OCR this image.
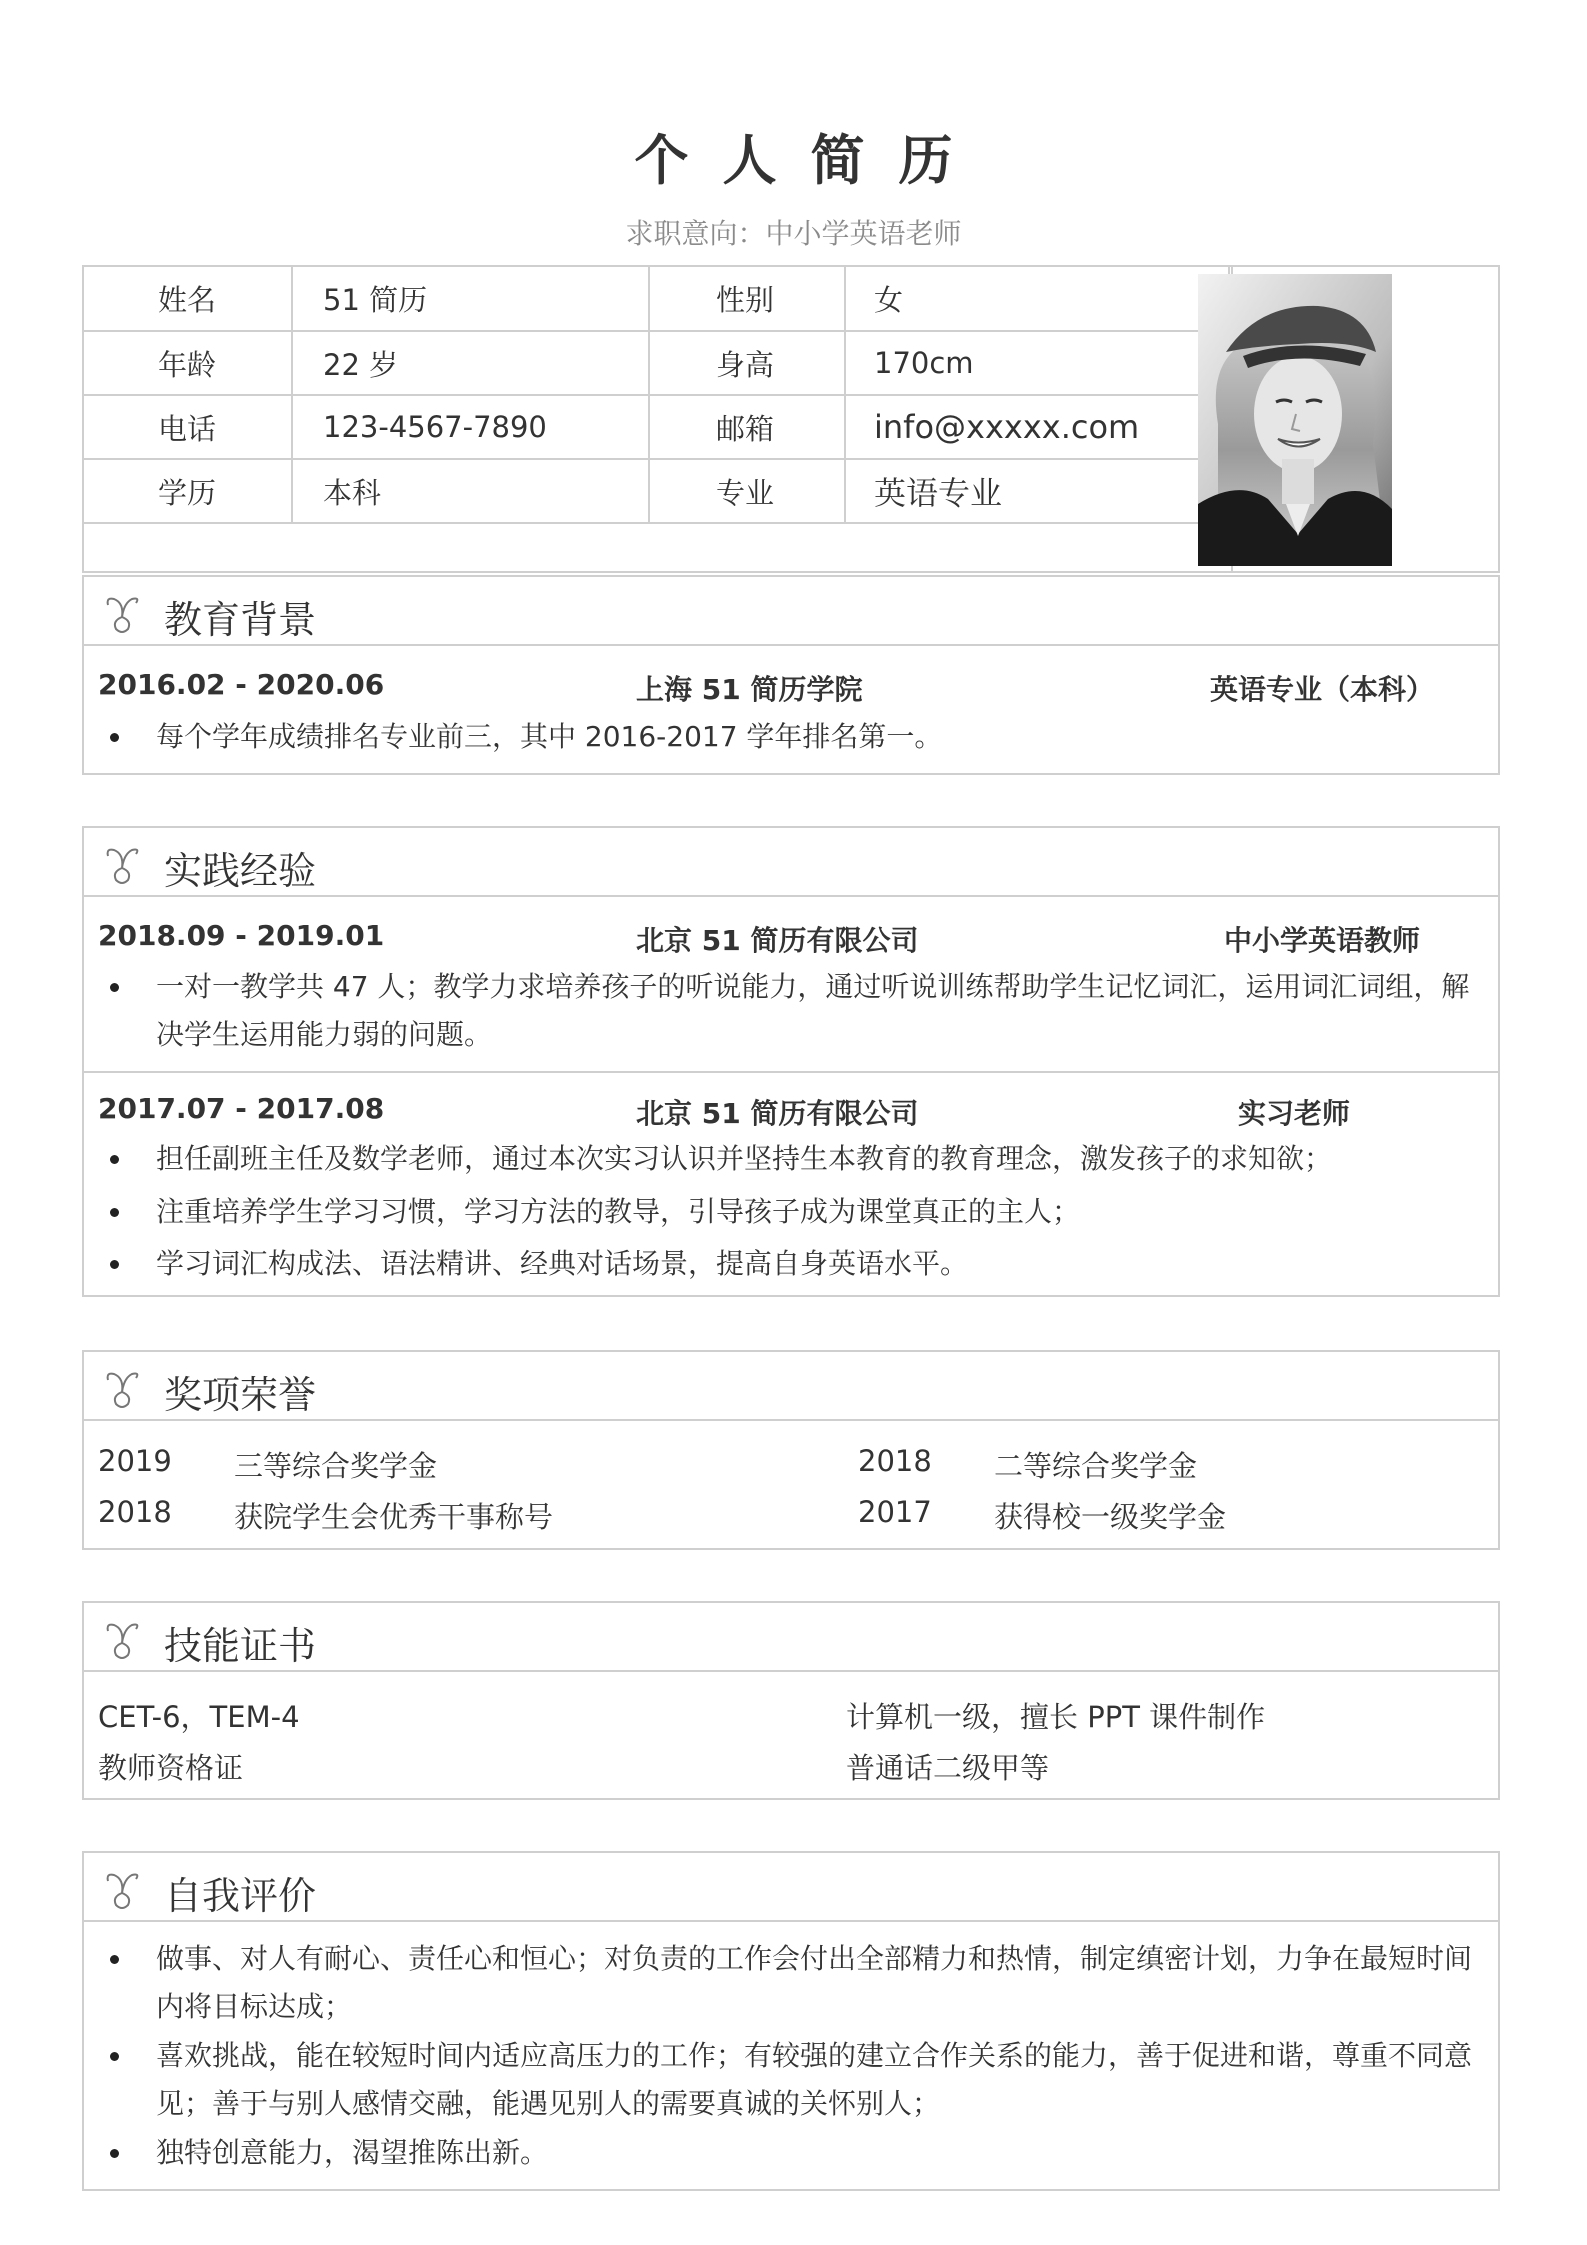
个人简历
求职意向：中小学英语老师
姓名	51 简历	性别	女
年龄	22 岁	身高	170cm
电话	123-4567-7890	邮箱	info@xxxxx.com
学历	本科	专业	英语专业
教育背景
2016.02 - 2020.06	上海 51 简历学院	英语专业（本科）
每个学年成绩排名专业前三，其中 2016-2017 学年排名第一。
实践经验
2018.09 - 2019.01	北京 51 简历有限公司	中小学英语教师
一对一教学共 47 人；教学力求培养孩子的听说能力，通过听说训练帮助学生记忆词汇，运用词汇词组，解决学生运用能力弱的问题。
2017.07 - 2017.08	北京 51 简历有限公司	实习老师
担任副班主任及数学老师，通过本次实习认识并坚持生本教育的教育理念，激发孩子的求知欲；
注重培养学生学习习惯，学习方法的教导，引导孩子成为课堂真正的主人；
学习词汇构成法、语法精讲、经典对话场景，提高自身英语水平。
奖项荣誉
2019 三等综合奖学金	2018 二等综合奖学金
2018 获院学生会优秀干事称号	2017 获得校一级奖学金
技能证书
CET-6，TEM-4	计算机一级，擅长 PPT 课件制作
教师资格证	普通话二级甲等
自我评价
做事、对人有耐心、责任心和恒心；对负责的工作会付出全部精力和热情，制定缜密计划，力争在最短时间内将目标达成；
喜欢挑战，能在较短时间内适应高压力的工作；有较强的建立合作关系的能力，善于促进和谐，尊重不同意见；善于与别人感情交融，能遇见别人的需要真诚的关怀别人；
独特创意能力，渴望推陈出新。
